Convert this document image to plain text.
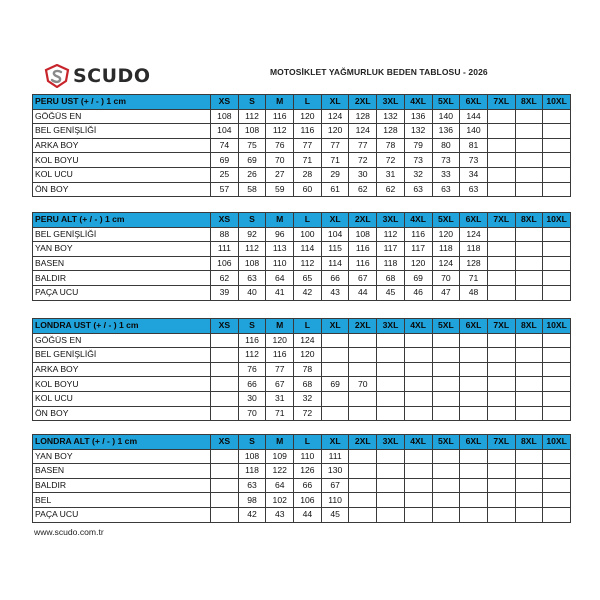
SCUDO	MOTOSİKLET YAĞMURLUK BEDEN TABLOSU - 2026
PERU UST (+ / - ) 1 cm	XS	S	M	L	XL	2XL	3XL	4XL	5XL	6XL	7XL	8XL	10XL
GÖĞÜS EN	108	112	116	120	124	128	132	136	140	144			
BEL GENİŞLİĞİ	104	108	112	116	120	124	128	132	136	140			
ARKA BOY	74	75	76	77	77	77	78	79	80	81			
KOL BOYU	69	69	70	71	71	72	72	73	73	73			
KOL UCU	25	26	27	28	29	30	31	32	33	34			
ÖN BOY	57	58	59	60	61	62	62	63	63	63			
PERU ALT (+ / - ) 1 cm	XS	S	M	L	XL	2XL	3XL	4XL	5XL	6XL	7XL	8XL	10XL
BEL GENİŞLİĞİ	88	92	96	100	104	108	112	116	120	124			
YAN BOY	111	112	113	114	115	116	117	117	118	118			
BASEN	106	108	110	112	114	116	118	120	124	128			
BALDIR	62	63	64	65	66	67	68	69	70	71			
PAÇA UCU	39	40	41	42	43	44	45	46	47	48			
LONDRA UST (+ / - ) 1 cm	XS	S	M	L	XL	2XL	3XL	4XL	5XL	6XL	7XL	8XL	10XL
GÖĞÜS EN		116	120	124									
BEL GENİŞLİĞİ		112	116	120									
ARKA BOY		76	77	78									
KOL BOYU		66	67	68	69	70							
KOL UCU		30	31	32									
ÖN BOY		70	71	72									
LONDRA ALT (+ / - ) 1 cm	XS	S	M	L	XL	2XL	3XL	4XL	5XL	6XL	7XL	8XL	10XL
YAN BOY		108	109	110	111								
BASEN		118	122	126	130								
BALDIR		63	64	66	67								
BEL		98	102	106	110								
PAÇA UCU		42	43	44	45								
www.scudo.com.tr
